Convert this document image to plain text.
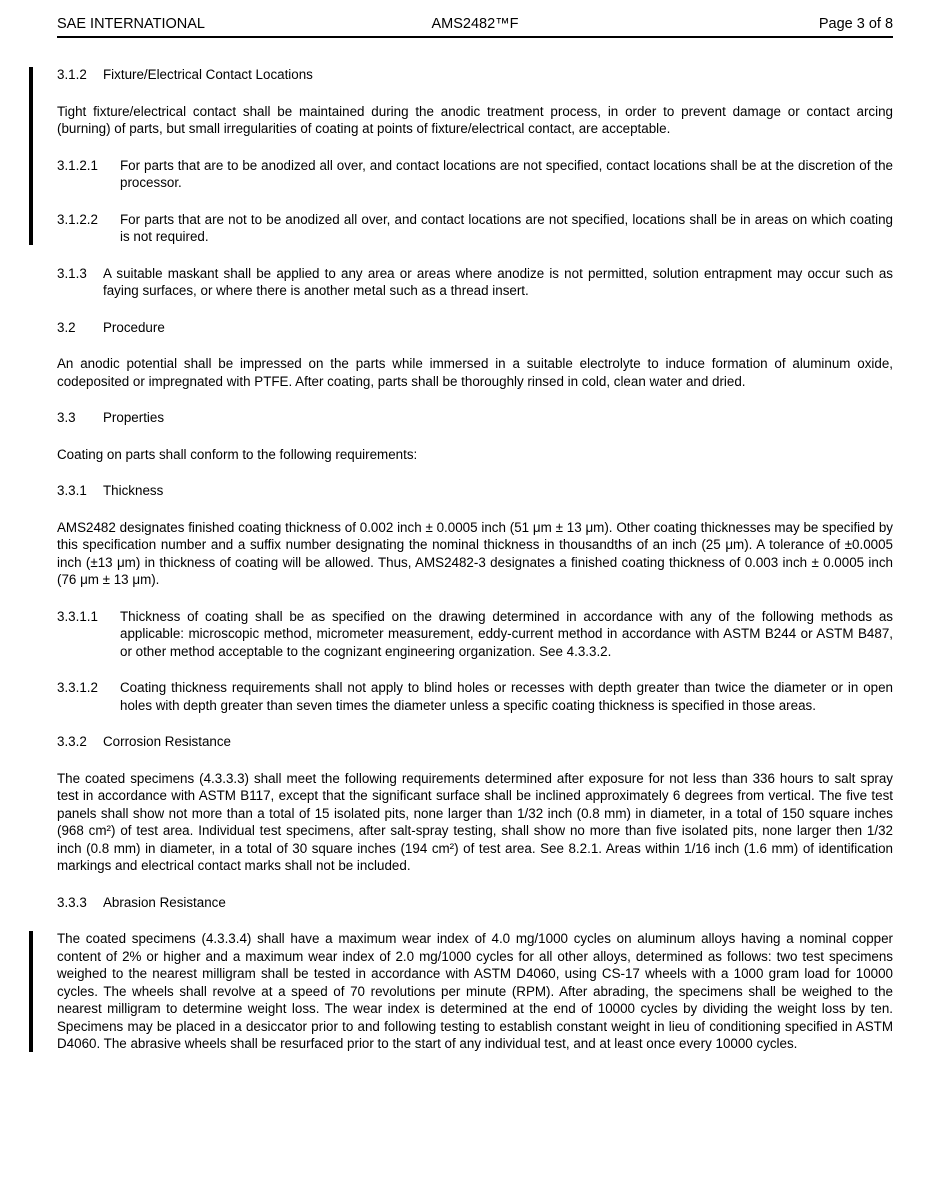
SAE INTERNATIONAL	AMS2482™F	Page 3 of 8
3.1.2	Fixture/Electrical Contact Locations

Tight fixture/electrical contact shall be maintained during the anodic treatment process, in order to prevent damage or contact arcing (burning) of parts, but small irregularities of coating at points of fixture/electrical contact, are acceptable.

3.1.2.1	For parts that are to be anodized all over, and contact locations are not specified, contact locations shall be at the discretion of the processor.
3.1.2.2	For parts that are not to be anodized all over, and contact locations are not specified, locations shall be in areas on which coating is not required.
3.1.3	A suitable maskant shall be applied to any area or areas where anodize is not permitted, solution entrapment may occur such as faying surfaces, or where there is another metal such as a thread insert.
3.2	Procedure

An anodic potential shall be impressed on the parts while immersed in a suitable electrolyte to induce formation of aluminum oxide, codeposited or impregnated with PTFE. After coating, parts shall be thoroughly rinsed in cold, clean water and dried.

3.3	Properties

Coating on parts shall conform to the following requirements:

3.3.1	Thickness

AMS2482 designates finished coating thickness of 0.002 inch ± 0.0005 inch (51 μm ± 13 μm). Other coating thicknesses may be specified by this specification number and a suffix number designating the nominal thickness in thousandths of an inch (25 μm). A tolerance of ±0.0005 inch (±13 μm) in thickness of coating will be allowed. Thus, AMS2482-3 designates a finished coating thickness of 0.003 inch ± 0.0005 inch (76 μm ± 13 μm).

3.3.1.1	Thickness of coating shall be as specified on the drawing determined in accordance with any of the following methods as applicable: microscopic method, micrometer measurement, eddy-current method in accordance with ASTM B244 or ASTM B487, or other method acceptable to the cognizant engineering organization. See 4.3.3.2.
3.3.1.2	Coating thickness requirements shall not apply to blind holes or recesses with depth greater than twice the diameter or in open holes with depth greater than seven times the diameter unless a specific coating thickness is specified in those areas.
3.3.2	Corrosion Resistance

The coated specimens (4.3.3.3) shall meet the following requirements determined after exposure for not less than 336 hours to salt spray test in accordance with ASTM B117, except that the significant surface shall be inclined approximately 6 degrees from vertical. The five test panels shall show not more than a total of 15 isolated pits, none larger than 1/32 inch (0.8 mm) in diameter, in a total of 150 square inches (968 cm²) of test area. Individual test specimens, after salt-spray testing, shall show no more than five isolated pits, none larger then 1/32 inch (0.8 mm) in diameter, in a total of 30 square inches (194 cm²) of test area. See 8.2.1. Areas within 1/16 inch (1.6 mm) of identification markings and electrical contact marks shall not be included.

3.3.3	Abrasion Resistance

The coated specimens (4.3.3.4) shall have a maximum wear index of 4.0 mg/1000 cycles on aluminum alloys having a nominal copper content of 2% or higher and a maximum wear index of 2.0 mg/1000 cycles for all other alloys, determined as follows: two test specimens weighed to the nearest milligram shall be tested in accordance with ASTM D4060, using CS-17 wheels with a 1000 gram load for 10000 cycles. The wheels shall revolve at a speed of 70 revolutions per minute (RPM). After abrading, the specimens shall be weighed to the nearest milligram to determine weight loss. The wear index is determined at the end of 10000 cycles by dividing the weight loss by ten. Specimens may be placed in a desiccator prior to and following testing to establish constant weight in lieu of conditioning specified in ASTM D4060. The abrasive wheels shall be resurfaced prior to the start of any individual test, and at least once every 10000 cycles.
